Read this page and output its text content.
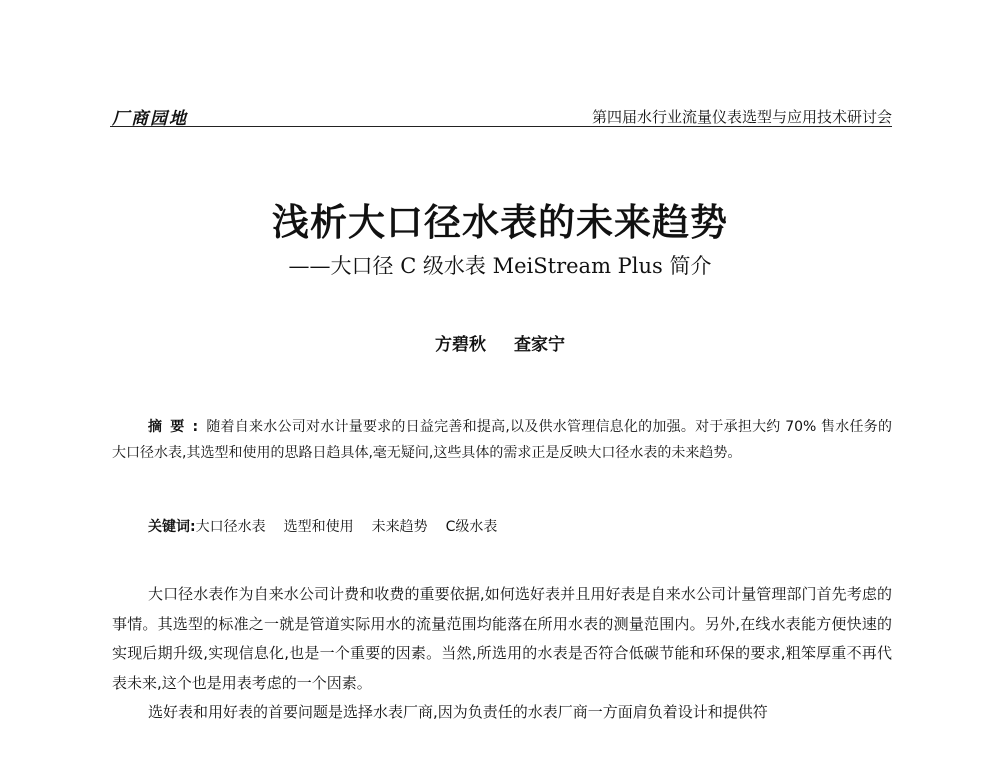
厂商园地	第四届水行业流量仪表选型与应用技术研讨会
浅析大口径水表的未来趋势
——大口径 C 级水表 MeiStream Plus 简介
方碧秋 查家宁
摘要:随着自来水公司对水计量要求的日益完善和提高,以及供水管理信息化的加强。对于承担大约 70% 售水任务的大口径水表,其选型和使用的思路日趋具体,毫无疑问,这些具体的需求正是反映大口径水表的未来趋势。
关键词:大口径水表 选型和使用 未来趋势 C级水表

大口径水表作为自来水公司计费和收费的重要依据,如何选好表并且用好表是自来水公司计量管理部门首先考虑的事情。其选型的标准之一就是管道实际用水的流量范围均能落在所用水表的测量范围内。另外,在线水表能方便快速的实现后期升级,实现信息化,也是一个重要的因素。当然,所选用的水表是否符合低碳节能和环保的要求,粗笨厚重不再代表未来,这个也是用表考虑的一个因素。

选好表和用好表的首要问题是选择水表厂商,因为负责任的水表厂商一方面肩负着设计和提供符
